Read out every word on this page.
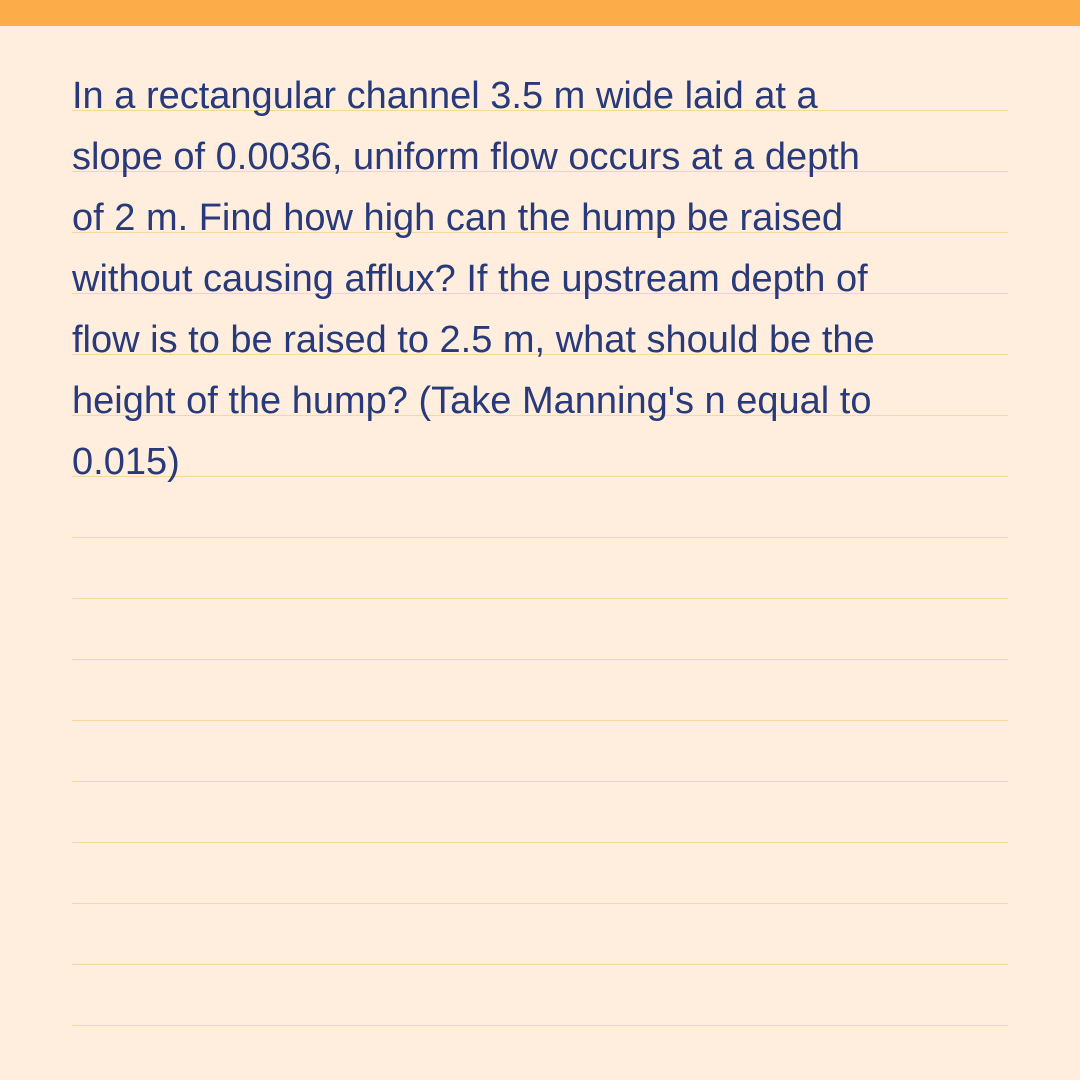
In a rectangular channel 3.5 m wide laid at a
slope of 0.0036, uniform flow occurs at a depth
of 2 m. Find how high can the hump be raised
without causing afflux? If the upstream depth of
flow is to be raised to 2.5 m, what should be the
height of the hump? (Take Manning's n equal to
0.015)
